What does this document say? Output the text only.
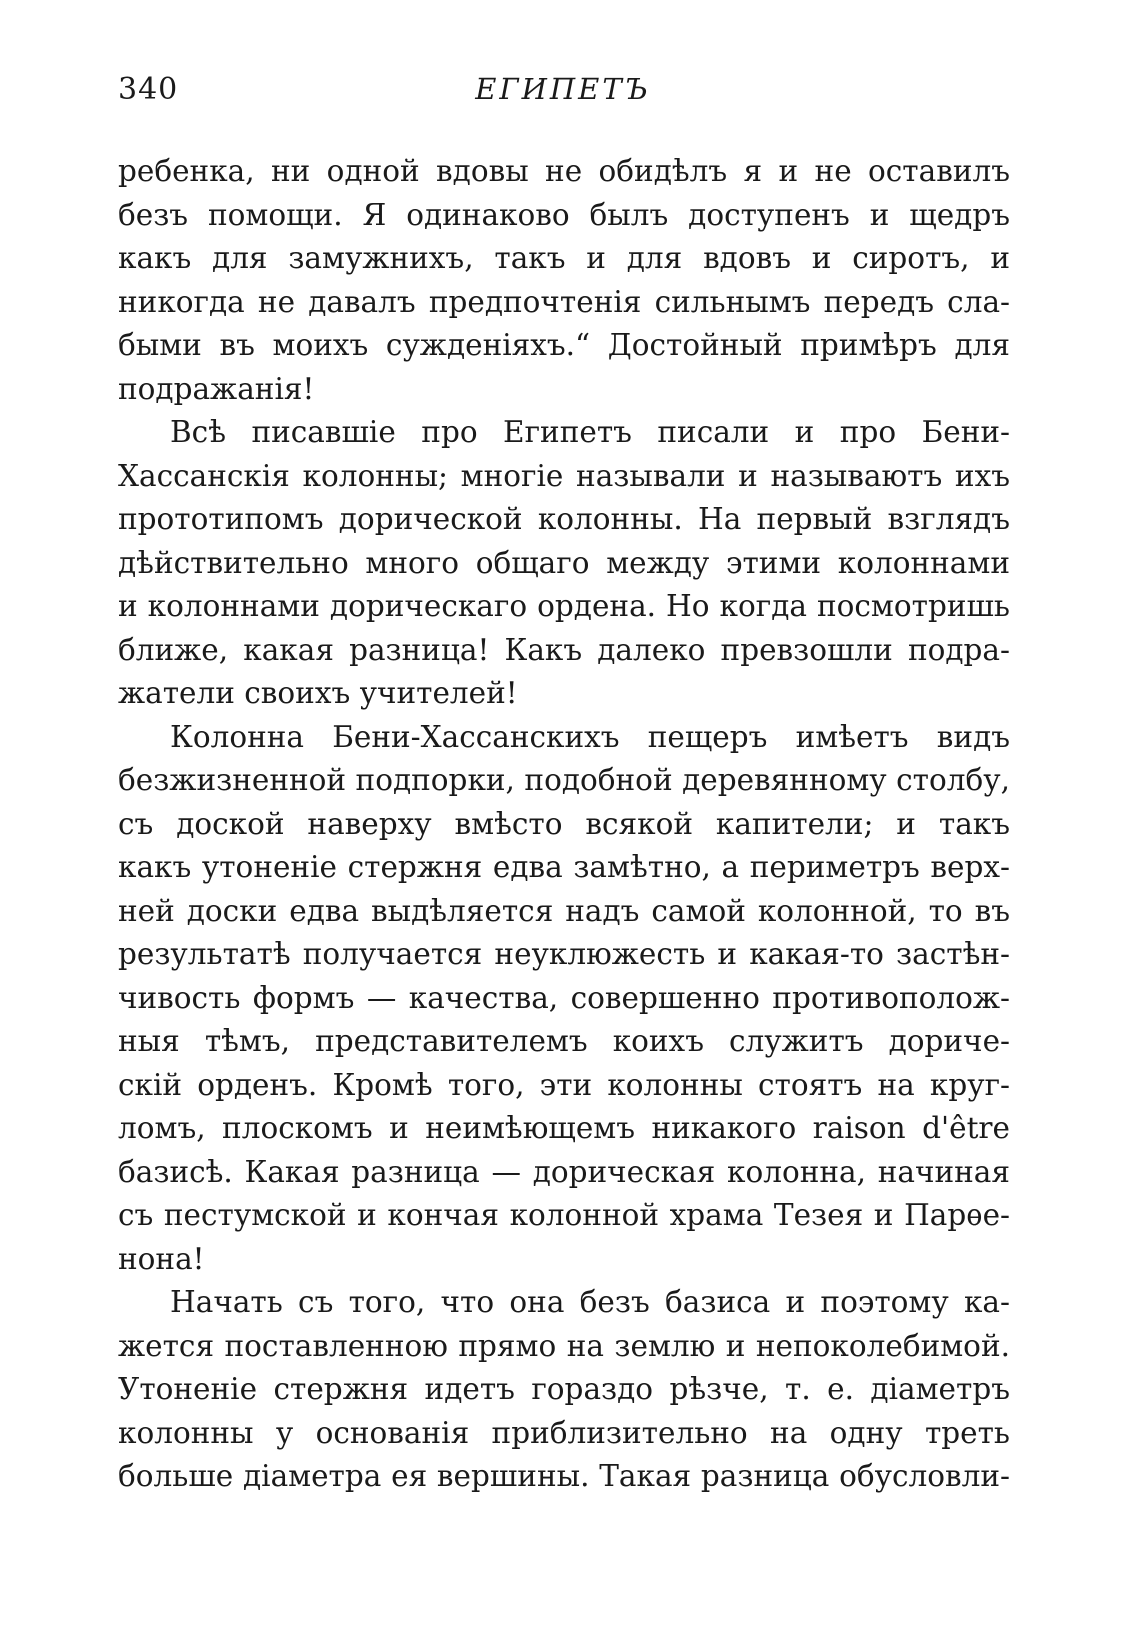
340	ЕГИПЕТЪ
ребенка, ни одной вдовы не обидѣлъ я и не оставилъ
безъ помощи. Я одинаково былъ доступенъ и щедръ
какъ для замужнихъ, такъ и для вдовъ и сиротъ, и
никогда не давалъ предпочтенія сильнымъ передъ сла-
быми въ моихъ сужденіяхъ.“ Достойный примѣръ для
подражанія!
Всѣ писавшіе про Египетъ писали и про Бени-
Хассанскія колонны; многіе называли и называютъ ихъ
прототипомъ дорической колонны. На первый взглядъ
дѣйствительно много общаго между этими колоннами
и колоннами дорическаго ордена. Но когда посмотришь
ближе, какая разница! Какъ далеко превзошли подра-
жатели своихъ учителей!
Колонна Бени-Хассанскихъ пещеръ имѣетъ видъ
безжизненной подпорки, подобной деревянному столбу,
съ доской наверху вмѣсто всякой капители; и такъ
какъ утоненіе стержня едва замѣтно, а периметръ верх-
ней доски едва выдѣляется надъ самой колонной, то въ
результатѣ получается неуклюжесть и какая-то застѣн-
чивость формъ — качества, совершенно противополож-
ныя тѣмъ, представителемъ коихъ служитъ доричe-
скій орденъ. Кромѣ того, эти колонны стоятъ на круг-
ломъ, плоскомъ и неимѣющемъ никакого raison d'être
базисѣ. Какая разница — дорическая колонна, начиная
съ пестумской и кончая колонной храма Тезея и Парѳе-
нона!
Начать съ того, что она безъ базиса и поэтому ка-
жется поставленною прямо на землю и непоколебимой.
Утоненіе стержня идетъ гораздо рѣзче, т. е. діаметръ
колонны у основанія приблизительно на одну треть
больше діаметра ея вершины. Такая разница обусловли-
